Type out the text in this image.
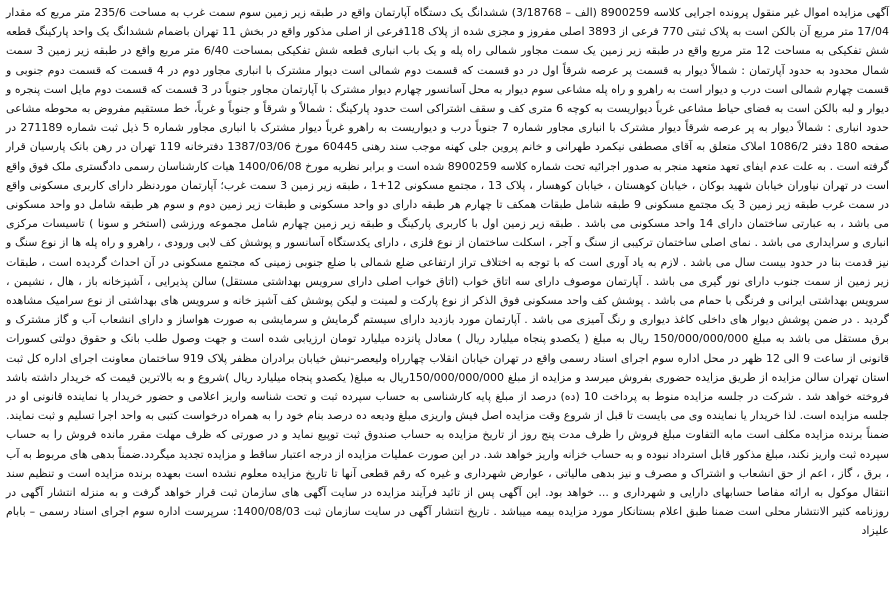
آگهی مزایده اموال غیر منقول پرونده اجرایی کلاسه 8900259 (الف – 3/18768) ششدانگ یک دستگاه آپارتمان واقع در طبقه زیر زمین سوم سمت غرب به مساحت 235/6 متر مربع که مقدار 17/04 متر مربع آن بالکن است به پلاک ثبتی 770 فرعی از 3893 اصلی مفروز و مجزی شده از پلاک 118فرعی از اصلی مذکور واقع در بخش 11 تهران باضمام ششدانگ یک واحد پارکینگ قطعه شش تفکیکی به مساحت 12 متر مربع واقع در طبقه زیر زمین یک سمت مجاور شمالی راه پله و یک باب انباری قطعه شش تفکیکی بمساحت 6/40 متر مربع واقع در طبقه زیر زمین 3 سمت شمال محدود به حدود آپارتمان : شمالاً دیوار به قسمت پر عرصه شرقاً اول در دو قسمت که قسمت دوم شمالی است دیوار مشترک با انباری مجاور دوم در 4 قسمت که قسمت دوم جنوبی و قسمت چهارم شمالی است درب و دیوار است به راهرو و راه پله مشاعی سوم دیوار به محل آسانسور چهارم دیوار مشترک با آپارتمان مجاور جنوباً در 3 قسمت که قسمت دوم مایل است پنجره و دیوار و لبه بالکن است به فضای حیاط مشاعی غرباً دیواریست به کوچه 6 متری کف و سقف اشتراکی است حدود پارکینگ : شمالاً و شرقاً و جنوباً و غرباً، خط مستقیم مفروض به محوطه مشاعی حدود انباری : شمالاً دیوار به پر عرصه شرقاً دیوار مشترک با انباری مجاور شماره 7 جنوباً درب و دیواریست به راهرو غرباً دیوار مشترک با انباری مجاور شماره 5 ذیل ثبت شماره 271189 در صفحه 180 دفتر 1086/2 املاک متعلق به آقای مصطفی نیکمرد طهرانی و خانم پروین جلی کهنه موجب سند رهنی 60445 مورخ 1387/03/06 دفترخانه 119 تهران در رهن بانک پارسیان قرار گرفته است . به علت عدم ایفای تعهد متعهد منجر به صدور اجرائیه تحت شماره کلاسه 8900259 شده است و برابر نظریه مورخ 1400/06/08 هیات کارشناسان رسمی دادگستری ملک فوق واقع است در تهران نیاوران خیابان شهید بوکان ، خیابان کوهستان ، خیابان کوهسار ، پلاک 13 ، مجتمع مسکونی 12+1 ، طبقه زیر زمین 3 سمت غرب؛ آپارتمان موردنظر دارای کاربری مسکونی واقع در سمت غرب طبقه زیر زمین 3 یک مجتمع مسکونی 9 طبقه شامل طبقات همکف تا چهارم هر طبقه دارای دو واحد مسکونی و طبقات زیر زمین دوم و سوم هر طبقه شامل دو واحد مسکونی می باشد ، به عبارتی ساختمان دارای 14 واحد مسکونی می باشد . طبقه زیر زمین اول با کاربری پارکینگ و طبقه زیر زمین چهارم شامل مجموعه ورزشی (استخر و سونا ) تاسیسات مرکزی انباری و سرایداری می باشد . نمای اصلی ساختمان ترکیبی از سنگ و آجر ، اسکلت ساختمان از نوع فلزی ، دارای یکدستگاه آسانسور و پوشش کف لابی ورودی ، راهرو و راه پله ها از نوع سنگ و نیز قدمت بنا در حدود بیست سال می باشد . لازم به یاد آوری است که با توجه به اختلاف تراز ارتفاعی ضلع شمالی با ضلع جنوبی زمینی که مجتمع مسکونی در آن احداث گردیده است ، طبقات زیر زمین از سمت جنوب دارای نور گیری می باشد . آپارتمان موصوف دارای سه اتاق خواب (اتاق خواب اصلی دارای سرویس بهداشتی مستقل) سالن پذیرایی ، آشپزخانه باز ، هال ، نشیمن ، سرویس بهداشتی ایرانی و فرنگی با حمام می باشد . پوشش کف واحد مسکونی فوق الذکر از نوع پارکت و لمینت و لیکن پوشش کف آشپز خانه و سرویس های بهداشتی از نوع سرامیک مشاهده گردید . در ضمن پوشش دیوار های داخلی کاغذ دیواری و رنگ آمیزی می باشد . آپارتمان مورد بازدید دارای سیستم گرمایش و سرمایشی به صورت هواساز و دارای انشعاب آب و گاز مشترک و برق مستقل می باشد به مبلغ 150/000/000/000 ریال به مبلغ ( یکصدو پنجاه میلیارد ریال ) معادل پانزده میلیارد تومان ارزیابی شده است و جهت وصول طلب بانک و حقوق دولتی کسورات قانونی از ساعت 9 الی 12 ظهر در محل اداره سوم اجرای اسناد رسمی واقع در تهران خیابان انقلاب چهارراه ولیعصر-نبش خیابان برادران مظفر پلاک 919 ساختمان معاونت اجرای اداره کل ثبت استان تهران سالن مزایده از طریق مزایده حضوری بفروش میرسد و مزایده از مبلغ 150/000/000/000ریال به مبلغ( یکصدو پنجاه میلیارد ریال )شروع و به بالاترین قیمت که خریدار داشته باشد فروخته خواهد شد . شرکت در جلسه مزایده منوط به پرداخت 10 (ده) درصد از مبلغ پایه کارشناسی به حساب سپرده ثبت و تحت شناسه واریز اعلامی و حضور خریدار یا نماینده قانونی او در جلسه مزایده است. لذا خریدار یا نماینده وی می بایست تا قبل از شروع وقت مزایده اصل فیش واریزی مبلغ ودیعه ده درصد بنام خود را به همراه درخواست کتبی به واحد اجرا تسلیم و ثبت نمایند. ضمناً برنده مزایده مکلف است مابه التفاوت مبلغ فروش را ظرف مدت پنج روز از تاریخ مزایده به حساب صندوق ثبت توپیع نماید و در صورتی که ظرف مهلت مقرر مانده فروش را به حساب سپرده ثبت واریز نکند، مبلغ مذکور قابل استرداد نبوده و به حساب خزانه واریز خواهد شد. در این صورت عملیات مزایده از درجه اعتبار ساقط و مزایده تجدید میگردد.ضمناً بدهی های مربوط به آب ، برق ، گاز ، اعم از حق انشعاب و اشتراک و مصرف و نیز بدهی مالیاتی ، عوارض شهرداری و غیره که رقم قطعی آنها تا تاریخ مزایده معلوم نشده است بعهده برنده مزایده است و تنظیم سند انتقال موکول به ارائه مفاصا حسابهای دارایی و شهرداری و ... خواهد بود. این آگهی پس از تائید فرآیند مزایده در سایت آگهی های سازمان ثبت قرار خواهد گرفت و به منزله انتشار آگهی در روزنامه کثیر الانتشار محلی است ضمنا طبق اعلام بستانکار مورد مزایده بیمه میباشد . تاریخ انتشار آگهی در سایت سازمان ثبت 1400/08/03: سرپرست اداره سوم اجرای اسناد رسمی – بابام علیزاد
